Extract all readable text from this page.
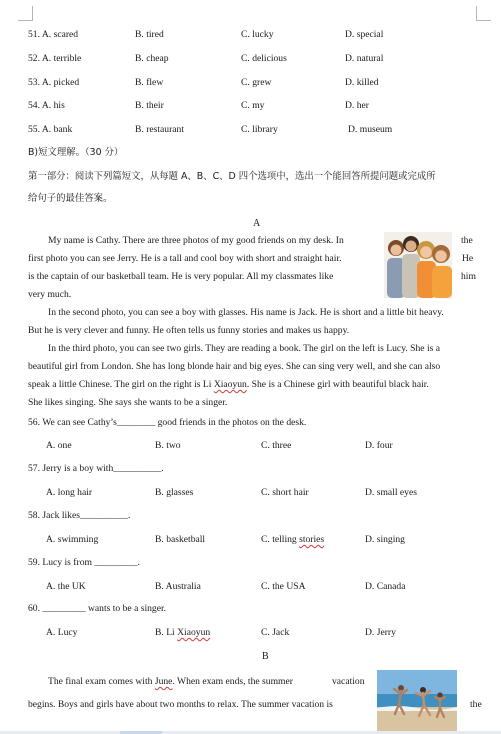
51. A. scared	B. tired	C. lucky	D. special
52. A. terrible	B. cheap	C. delicious	D. natural
53. A. picked	B. flew	C. grew	D. killed
54. A. his	B. their	C. my	D. her
55. A. bank	B. restaurant	C. library	D. museum
B)短文理解。（30 分）
第一部分：阅读下列篇短文，从每题 A、B、C、D 四个选项中，选出一个能回答所提问题或完成所
给句子的最佳答案。
A
My name is Cathy. There are three photos of my good friends on my desk. In	the
first photo you can see Jerry. He is a tall and cool boy with short and straight hair.	He
is the captain of our basketball team. He is very popular. All my classmates like	him
very much.
In the second photo, you can see a boy with glasses. His name is Jack. He is short and a little bit heavy.
But he is very clever and funny. He often tells us funny stories and makes us happy.
In the third photo, you can see two girls. They are reading a book. The girl on the left is Lucy. She is a
beautiful girl from London. She has long blonde hair and big eyes. She can sing very well, and she can also
speak a little Chinese. The girl on the right is Li Xiaoyun. She is a Chinese girl with beautiful black hair.
She likes singing. She says she wants to be a singer.
56. We can see Cathy’s________ good friends in the photos on the desk.
A. one	B. two	C. three	D. four
57. Jerry is a boy with__________.
A. long hair	B. glasses	C. short hair	D. small eyes
58. Jack likes__________.
A. swimming	B. basketball	C. telling stories	D. singing
59. Lucy is from _________.
A. the UK	B. Australia	C. the USA	D. Canada
60. _________ wants to be a singer.
A. Lucy	B. Li Xiaoyun	C. Jack	D. Jerry
B
The final exam comes with June. When exam ends, the summer	vacation
begins. Boys and girls have about two months to relax. The summer vacation is	the
